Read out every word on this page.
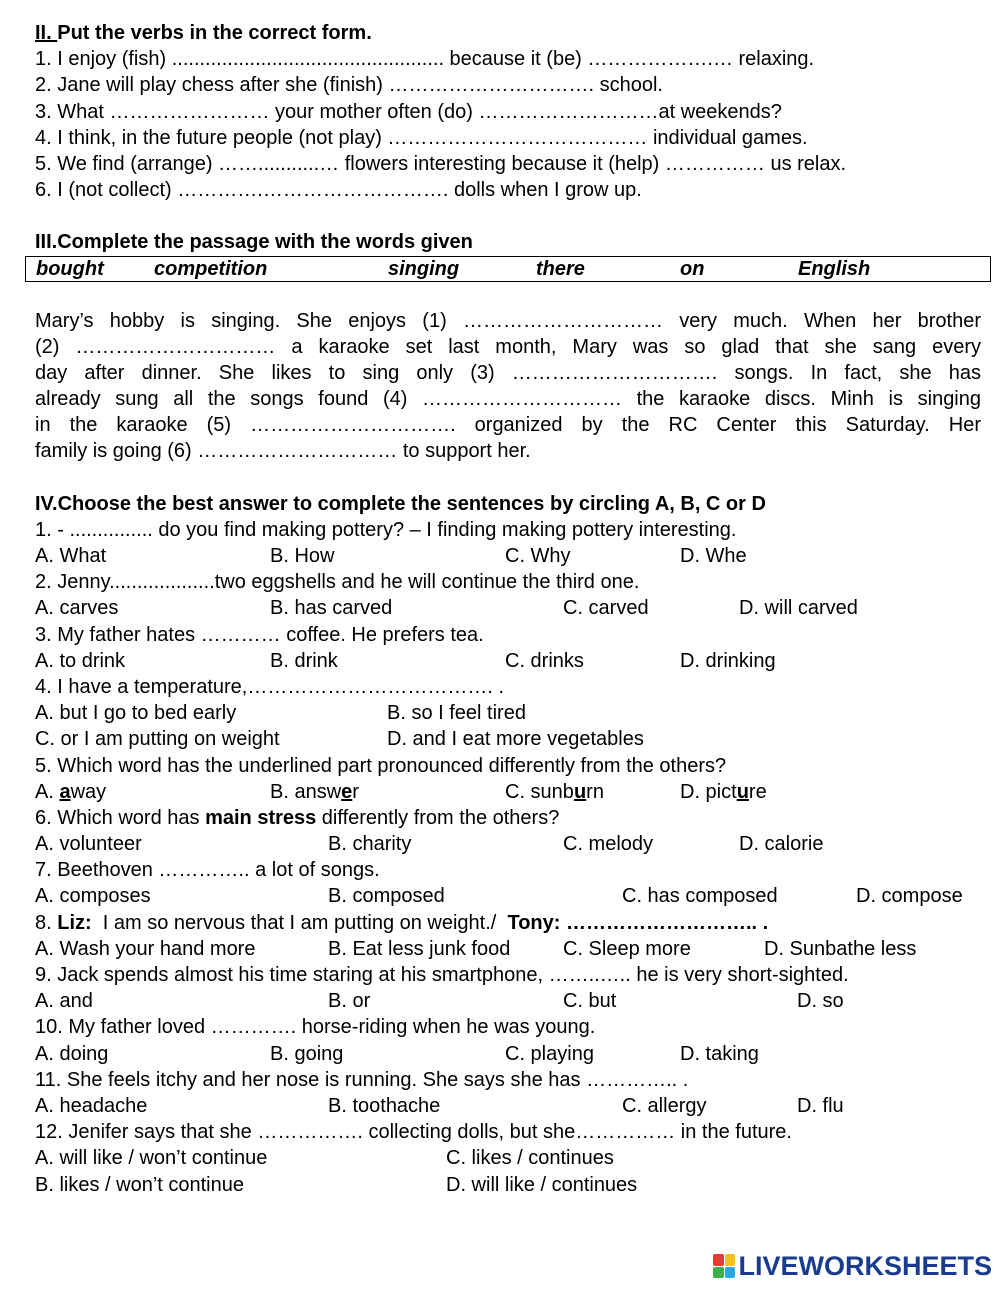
II. Put the verbs in the correct form.
1. I enjoy (fish) ................................................. because it (be) ……………….… relaxing.
2. Jane will play chess after she (finish) …………………………. school.
3. What …………………… your mother often (do) ………………………at weekends?
4. I think, in the future people (not play) ………………………………… individual games.
5. We find (arrange) ……...........… flowers interesting because it (help) …………… us relax.
6. I (not collect) ………….………………………. dolls when I grow up.
III.Complete the passage with the words given
bought	competition	singing	there	on	English
Mary’s hobby is singing. She enjoys (1) ………………………… very much. When her brother
(2) ………………………… a karaoke set last month, Mary was so glad that she sang every
day after dinner. She likes to sing only (3) …………………………. songs. In fact, she has
already sung all the songs found (4) ………………………… the karaoke discs. Minh is singing
in the karaoke (5) …………………………. organized by the RC Center this Saturday. Her
family is going (6) ………………………… to support her.
IV.Choose the best answer to complete the sentences by circling A, B, C or D
1. - ............... do you find making pottery? – I finding making pottery interesting.
A. What	B. How	C. Why	D. Whe
2. Jenny...................two eggshells and he will continue the third one.
A. carves	B. has carved	C. carved	D. will carved
3. My father hates ………… coffee. He prefers tea.
A. to drink	B. drink	C. drinks	D. drinking
4. I have a temperature,………………………………. .
A. but I go to bed early	B. so I feel tired
C. or I am putting on weight	D. and I eat more vegetables
5. Which word has the underlined part pronounced differently from the others?
A. away	B. answer	C. sunburn	D. picture
6. Which word has main stress differently from the others?
A. volunteer	B. charity	C. melody	D. calorie
7. Beethoven ………….. a lot of songs.
A. composes	B. composed	C. has composed	D. compose
8. Liz:  I am so nervous that I am putting on weight./  Tony: ……………………….. .
A. Wash your hand more	B. Eat less junk food	C. Sleep more	D. Sunbathe less
9. Jack spends almost his time staring at his smartphone, ……..….. he is very short-sighted.
A. and	B. or	C. but	D. so
10. My father loved …………. horse-riding when he was young.
A. doing	B. going	C. playing	D. taking
11. She feels itchy and her nose is running. She says she has ………….. .
A. headache	B. toothache	C. allergy	D. flu
12. Jenifer says that she ……………. collecting dolls, but she…………… in the future.
A. will like / won’t continue	C. likes / continues
B. likes / won’t continue	D. will like / continues
LIVEWORKSHEETS
